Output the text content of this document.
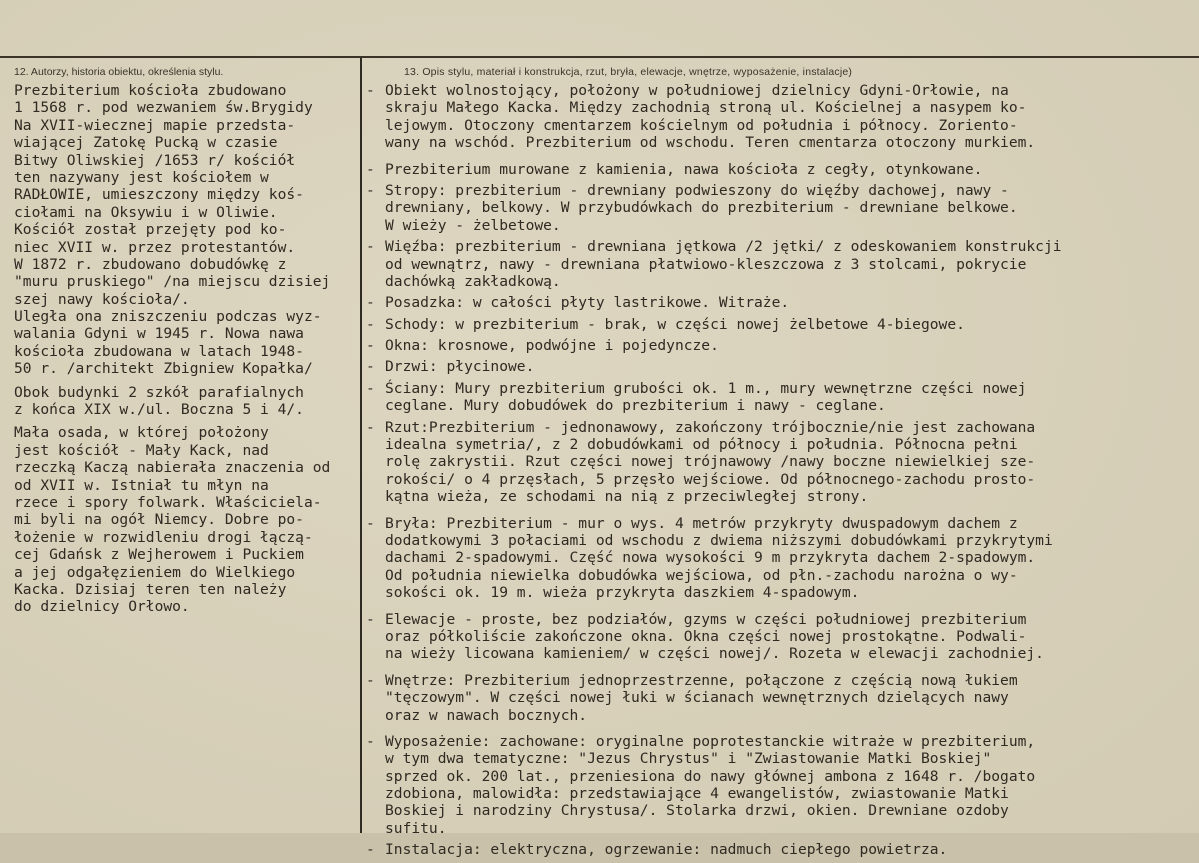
12. Autorzy, historia obiektu, określenia stylu.	13. Opis stylu, materiał i konstrukcja, rzut, bryła, elewacje, wnętrze, wyposażenie, instalacje)
Prezbiterium kościoła zbudowano
1 1568 r. pod wezwaniem św.Brygidy
Na XVII-wiecznej mapie przedsta-
wiającej Zatokę Pucką w czasie
Bitwy Oliwskiej /1653 r/ kościół
ten nazywany jest kościołem w
RADŁOWIE, umieszczony między koś-
ciołami na Oksywiu i w Oliwie.
Kościół został przejęty pod ko-
niec XVII w. przez protestantów.
W 1872 r. zbudowano dobudówkę z
"muru pruskiego" /na miejscu dzisiej
szej nawy kościoła/.
Uległa ona zniszczeniu podczas wyz-
walania Gdyni w 1945 r. Nowa nawa
kościoła zbudowana w latach 1948-
50 r. /architekt Zbigniew Kopałka/
Obok budynki 2 szkół parafialnych
z końca XIX w./ul. Boczna 5 i 4/.
Mała osada, w której położony
jest kościół - Mały Kack, nad
rzeczką Kaczą nabierała znaczenia od
od XVII w. Istniał tu młyn na
rzece i spory folwark. Właściciela-
mi byli na ogół Niemcy. Dobre po-
łożenie w rozwidleniu drogi łączą-
cej Gdańsk z Wejherowem i Puckiem
a jej odgałęzieniem do Wielkiego
Kacka. Dzisiaj teren ten należy
do dzielnicy Orłowo.
- Obiekt wolnostojący, położony w południowej dzielnicy Gdyni-Orłowie, na
skraju Małego Kacka. Między zachodnią stroną ul. Kościelnej a nasypem ko-
lejowym. Otoczony cmentarzem kościelnym od południa i północy. Zoriento-
wany na wschód. Prezbiterium od wschodu. Teren cmentarza otoczony murkiem.
- Prezbiterium murowane z kamienia, nawa kościoła z cegły, otynkowane.
- Stropy: prezbiterium - drewniany podwieszony do więźby dachowej, nawy -
drewniany, belkowy. W przybudówkach do prezbiterium - drewniane belkowe.
W wieży - żelbetowe.
- Więźba: prezbiterium - drewniana jętkowa /2 jętki/ z odeskowaniem konstrukcji
od wewnątrz, nawy - drewniana płatwiowo-kleszczowa z 3 stolcami, pokrycie
dachówką zakładkową.
- Posadzka: w całości płyty lastrikowe. Witraże.
- Schody: w prezbiterium - brak, w części nowej żelbetowe 4-biegowe.
- Okna: krosnowe, podwójne i pojedyncze.
- Drzwi: płycinowe.
- Ściany: Mury prezbiterium grubości ok. 1 m., mury wewnętrzne części nowej
ceglane. Mury dobudówek do prezbiterium i nawy - ceglane.
- Rzut:Prezbiterium - jednonawowy, zakończony trójbocznie/nie jest zachowana
idealna symetria/, z 2 dobudówkami od północy i południa. Północna pełni
rolę zakrystii. Rzut części nowej trójnawowy /nawy boczne niewielkiej sze-
rokości/ o 4 przęsłach, 5 przęsło wejściowe. Od północnego-zachodu prosto-
kątna wieża, ze schodami na nią z przeciwległej strony.
- Bryła: Prezbiterium - mur o wys. 4 metrów przykryty dwuspadowym dachem z
dodatkowymi 3 połaciami od wschodu z dwiema niższymi dobudówkami przykrytymi
dachami 2-spadowymi. Część nowa wysokości 9 m przykryta dachem 2-spadowym.
Od południa niewielka dobudówka wejściowa, od płn.-zachodu narożna o wy-
sokości ok. 19 m. wieża przykryta daszkiem 4-spadowym.
- Elewacje - proste, bez podziałów, gzyms w części południowej prezbiterium
oraz półkoliście zakończone okna. Okna części nowej prostokątne. Podwali-
na wieży licowana kamieniem/ w części nowej/. Rozeta w elewacji zachodniej.
- Wnętrze: Prezbiterium jednoprzestrzenne, połączone z częścią nową łukiem
"tęczowym". W części nowej łuki w ścianach wewnętrznych dzielących nawy
oraz w nawach bocznych.
- Wyposażenie: zachowane: oryginalne poprotestanckie witraże w prezbiterium,
w tym dwa tematyczne: "Jezus Chrystus" i "Zwiastowanie Matki Boskiej"
sprzed ok. 200 lat., przeniesiona do nawy głównej ambona z 1648 r. /bogato
zdobiona, malowidła: przedstawiające 4 ewangelistów, zwiastowanie Matki
Boskiej i narodziny Chrystusa/. Stolarka drzwi, okien. Drewniane ozdoby
sufitu.
- Instalacja: elektryczna, ogrzewanie: nadmuch ciepłego powietrza.
